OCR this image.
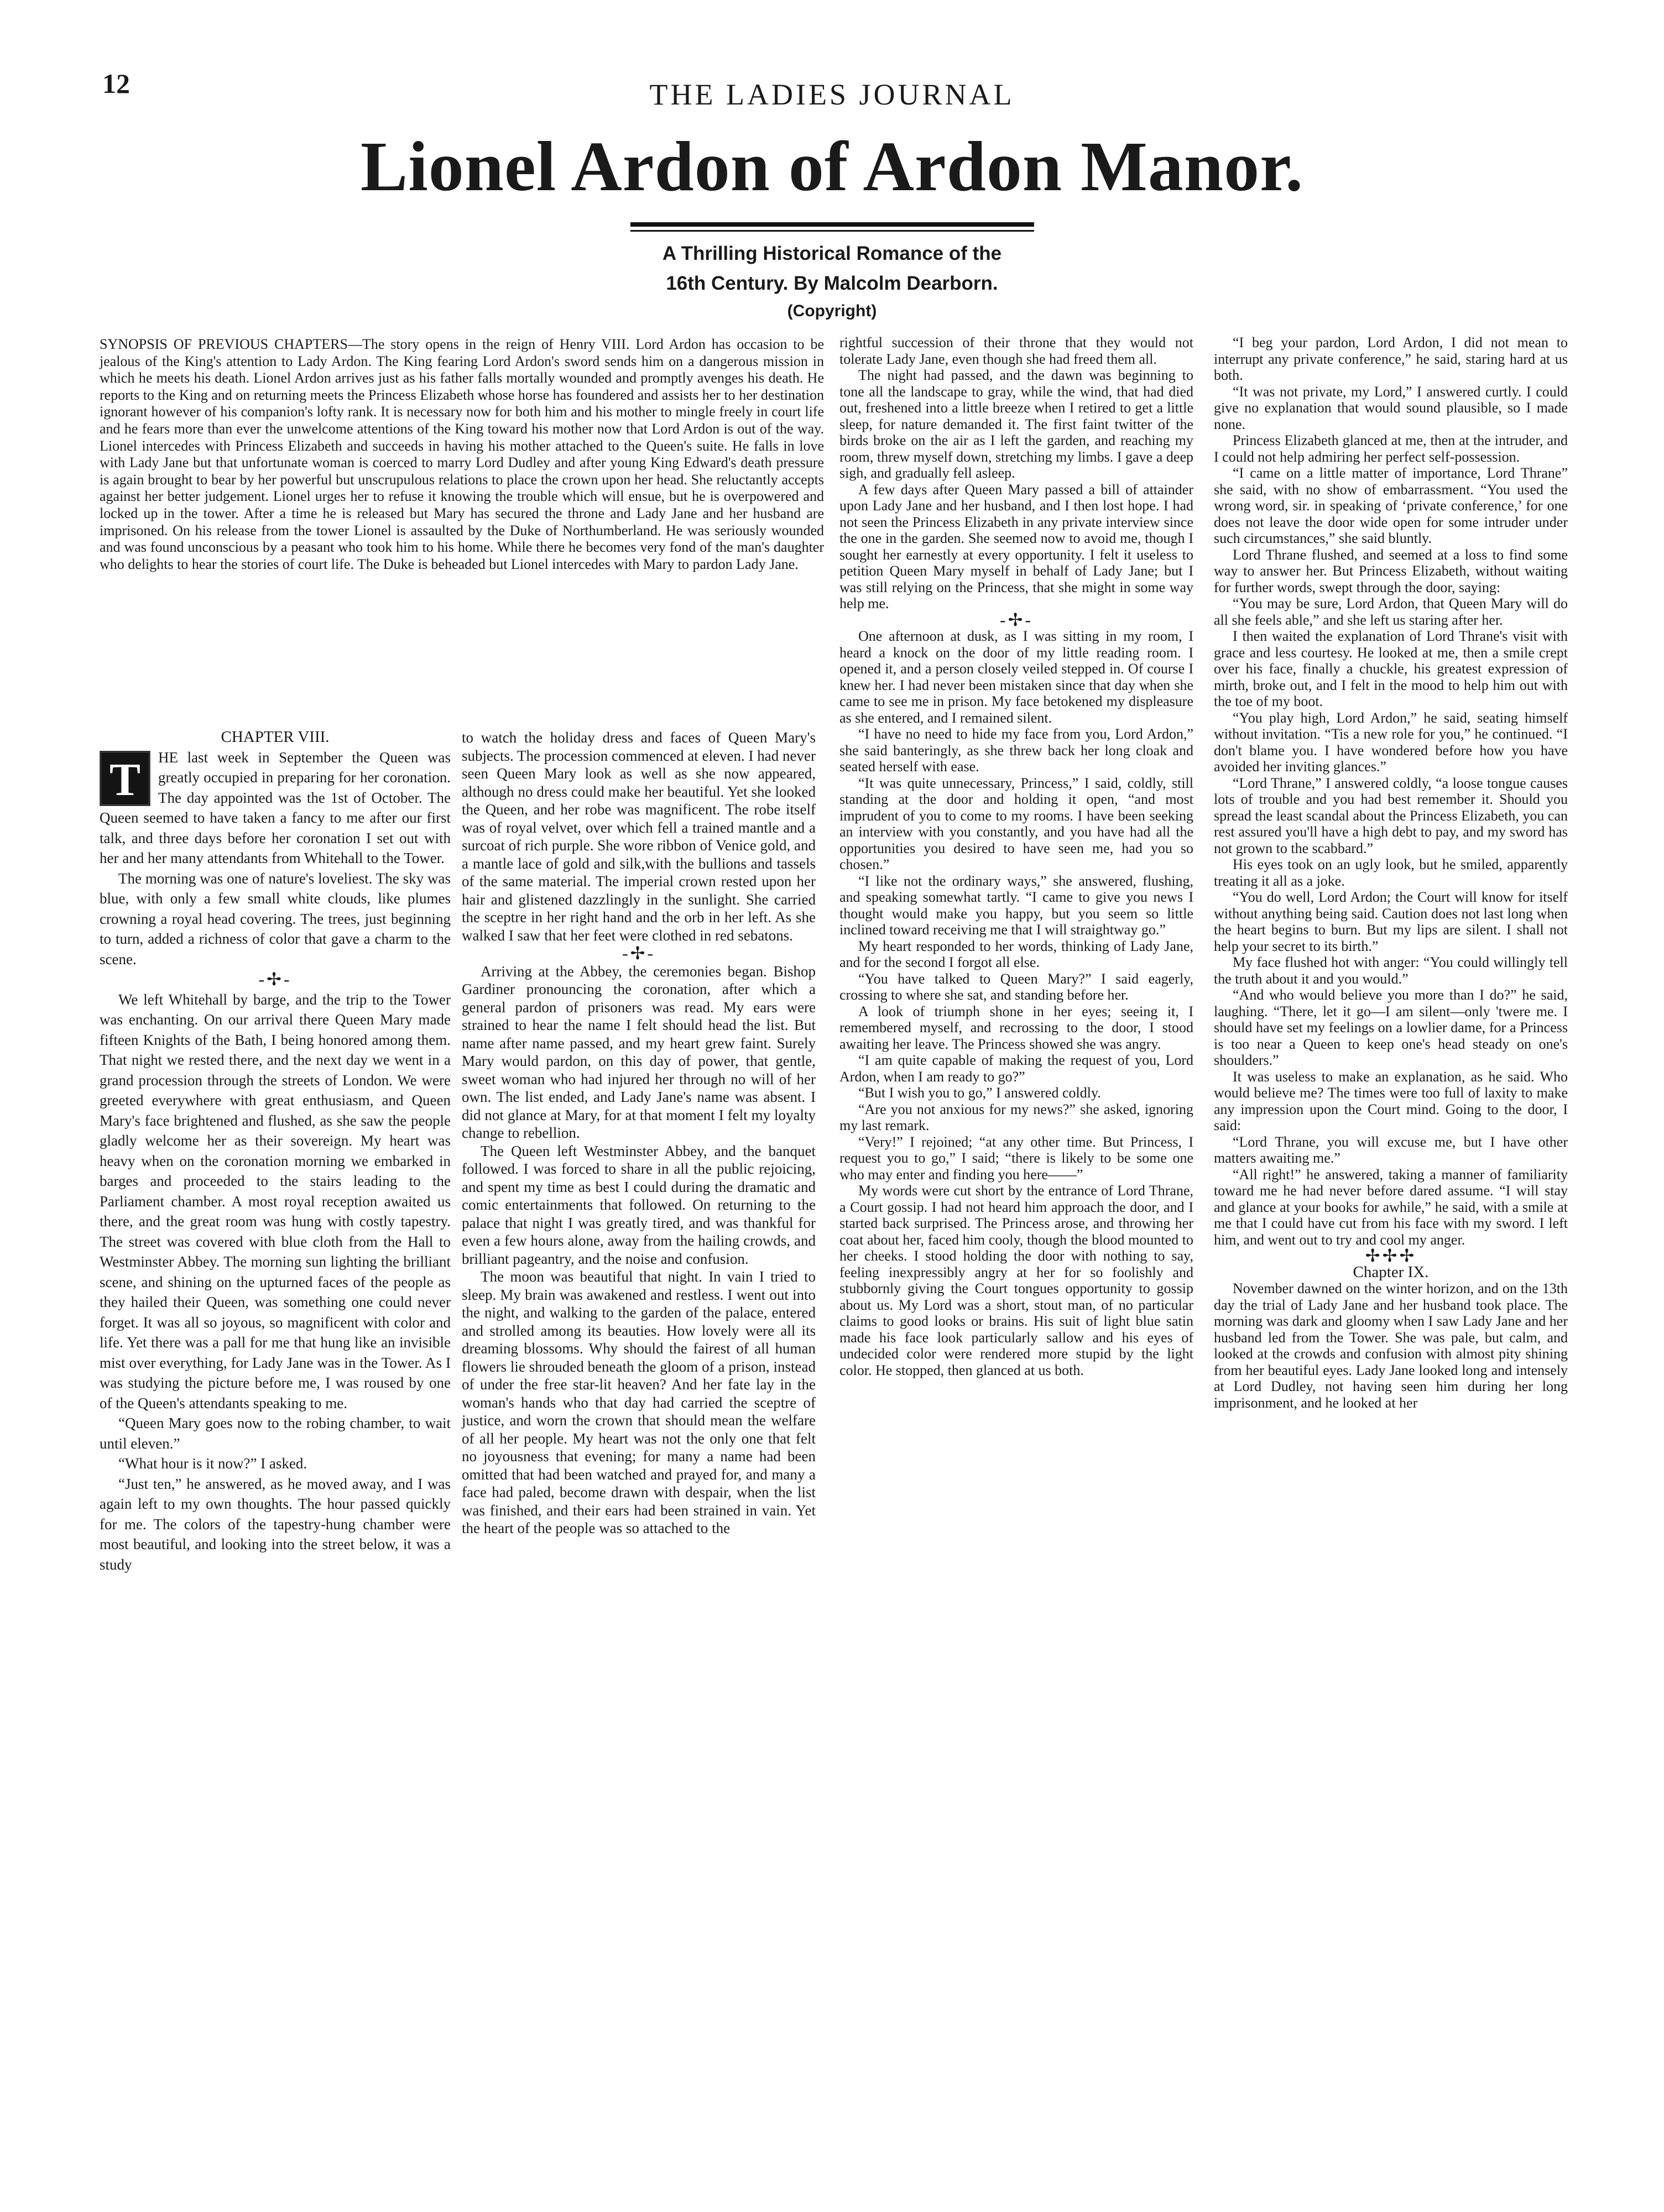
12	THE LADIES JOURNAL
Lionel Ardon of Ardon Manor.
A Thrilling Historical Romance of the
16th Century. By Malcolm Dearborn.
(Copyright)
SYNOPSIS OF PREVIOUS CHAPTERS—The story opens in the reign of Henry VIII. Lord Ardon has occasion to be jealous of the King's attention to Lady Ardon. The King fearing Lord Ardon's sword sends him on a dangerous mission in which he meets his death. Lionel Ardon arrives just as his father falls mortally wounded and promptly avenges his death. He reports to the King and on returning meets the Princess Elizabeth whose horse has foundered and assists her to her destination ignorant however of his companion's lofty rank. It is necessary now for both him and his mother to mingle freely in court life and he fears more than ever the unwelcome attentions of the King toward his mother now that Lord Ardon is out of the way. Lionel intercedes with Princess Elizabeth and succeeds in having his mother attached to the Queen's suite. He falls in love with Lady Jane but that unfortunate woman is coerced to marry Lord Dudley and after young King Edward's death pressure is again brought to bear by her powerful but unscrupulous relations to place the crown upon her head. She reluctantly accepts against her better judgement. Lionel urges her to refuse it knowing the trouble which will ensue, but he is overpowered and locked up in the tower. After a time he is released but Mary has secured the throne and Lady Jane and her husband are imprisoned. On his release from the tower Lionel is assaulted by the Duke of Northumberland. He was seriously wounded and was found unconscious by a peasant who took him to his home. While there he becomes very fond of the man's daughter who delights to hear the stories of court life. The Duke is beheaded but Lionel intercedes with Mary to pardon Lady Jane.

CHAPTER VIII.

T	HE last week in September the Queen was greatly occupied in preparing for her coronation. The day appointed was the 1st of October. The Queen seemed to have taken a fancy to me after our first talk, and three days before her coronation I set out with her and her many attendants from Whitehall to the Tower.

The morning was one of nature's loveliest. The sky was blue, with only a few small white clouds, like plumes crowning a royal head covering. The trees, just beginning to turn, added a richness of color that gave a charm to the scene.

-✢-

We left Whitehall by barge, and the trip to the Tower was enchanting. On our arrival there Queen Mary made fifteen Knights of the Bath, I being honored among them. That night we rested there, and the next day we went in a grand procession through the streets of London. We were greeted everywhere with great enthusiasm, and Queen Mary's face brightened and flushed, as she saw the people gladly welcome her as their sovereign. My heart was heavy when on the coronation morning we embarked in barges and proceeded to the stairs leading to the Parliament chamber. A most royal reception awaited us there, and the great room was hung with costly tapestry. The street was covered with blue cloth from the Hall to Westminster Abbey. The morning sun lighting the brilliant scene, and shining on the upturned faces of the people as they hailed their Queen, was something one could never forget. It was all so joyous, so magnificent with color and life. Yet there was a pall for me that hung like an invisible mist over everything, for Lady Jane was in the Tower. As I was studying the picture before me, I was roused by one of the Queen's attendants speaking to me.

“Queen Mary goes now to the robing chamber, to wait until eleven.”

“What hour is it now?” I asked.

“Just ten,” he answered, as he moved away, and I was again left to my own thoughts. The hour passed quickly for me. The colors of the tapestry-hung chamber were most beautiful, and looking into the street below, it was a study

to watch the holiday dress and faces of Queen Mary's subjects. The procession commenced at eleven. I had never seen Queen Mary look as well as she now appeared, although no dress could make her beautiful. Yet she looked the Queen, and her robe was magnificent. The robe itself was of royal velvet, over which fell a trained mantle and a surcoat of rich purple. She wore ribbon of Venice gold, and a mantle lace of gold and silk,with the bullions and tassels of the same material. The imperial crown rested upon her hair and glistened dazzlingly in the sunlight. She carried the sceptre in her right hand and the orb in her left. As she walked I saw that her feet were clothed in red sebatons.

-✢-

Arriving at the Abbey, the ceremonies began. Bishop Gardiner pronouncing the coronation, after which a general pardon of prisoners was read. My ears were strained to hear the name I felt should head the list. But name after name passed, and my heart grew faint. Surely Mary would pardon, on this day of power, that gentle, sweet woman who had injured her through no will of her own. The list ended, and Lady Jane's name was absent. I did not glance at Mary, for at that moment I felt my loyalty change to rebellion.

The Queen left Westminster Abbey, and the banquet followed. I was forced to share in all the public rejoicing, and spent my time as best I could during the dramatic and comic entertainments that followed. On returning to the palace that night I was greatly tired, and was thankful for even a few hours alone, away from the hailing crowds, and brilliant pageantry, and the noise and confusion.

The moon was beautiful that night. In vain I tried to sleep. My brain was awakened and restless. I went out into the night, and walking to the garden of the palace, entered and strolled among its beauties. How lovely were all its dreaming blossoms. Why should the fairest of all human flowers lie shrouded beneath the gloom of a prison, instead of under the free star-lit heaven? And her fate lay in the woman's hands who that day had carried the sceptre of justice, and worn the crown that should mean the welfare of all her people. My heart was not the only one that felt no joyousness that evening; for many a name had been omitted that had been watched and prayed for, and many a face had paled, become drawn with despair, when the list was finished, and their ears had been strained in vain. Yet the heart of the people was so attached to the

rightful succession of their throne that they would not tolerate Lady Jane, even though she had freed them all.

The night had passed, and the dawn was beginning to tone all the landscape to gray, while the wind, that had died out, freshened into a little breeze when I retired to get a little sleep, for nature demanded it. The first faint twitter of the birds broke on the air as I left the garden, and reaching my room, threw myself down, stretching my limbs. I gave a deep sigh, and gradually fell asleep.

A few days after Queen Mary passed a bill of attainder upon Lady Jane and her husband, and I then lost hope. I had not seen the Princess Elizabeth in any private interview since the one in the garden. She seemed now to avoid me, though I sought her earnestly at every opportunity. I felt it useless to petition Queen Mary myself in behalf of Lady Jane; but I was still relying on the Princess, that she might in some way help me.

-✢-

One afternoon at dusk, as I was sitting in my room, I heard a knock on the door of my little reading room. I opened it, and a person closely veiled stepped in. Of course I knew her. I had never been mistaken since that day when she came to see me in prison. My face betokened my displeasure as she entered, and I remained silent.

“I have no need to hide my face from you, Lord Ardon,” she said banteringly, as she threw back her long cloak and seated herself with ease.

“It was quite unnecessary, Princess,” I said, coldly, still standing at the door and holding it open, “and most imprudent of you to come to my rooms. I have been seeking an interview with you constantly, and you have had all the opportunities you desired to have seen me, had you so chosen.”

“I like not the ordinary ways,” she answered, flushing, and speaking somewhat tartly. “I came to give you news I thought would make you happy, but you seem so little inclined toward receiving me that I will straightway go.”

My heart responded to her words, thinking of Lady Jane, and for the second I forgot all else.

“You have talked to Queen Mary?” I said eagerly, crossing to where she sat, and standing before her.

A look of triumph shone in her eyes; seeing it, I remembered myself, and recrossing to the door, I stood awaiting her leave. The Princess showed she was angry.

“I am quite capable of making the request of you, Lord Ardon, when I am ready to go?”

“But I wish you to go,” I answered coldly.

“Are you not anxious for my news?” she asked, ignoring my last remark.

“Very!” I rejoined; “at any other time. But Princess, I request you to go,” I said; “there is likely to be some one who may enter and finding you here——”

My words were cut short by the entrance of Lord Thrane, a Court gossip. I had not heard him approach the door, and I started back surprised. The Princess arose, and throwing her coat about her, faced him cooly, though the blood mounted to her cheeks. I stood holding the door with nothing to say, feeling inexpressibly angry at her for so foolishly and stubbornly giving the Court tongues opportunity to gossip about us. My Lord was a short, stout man, of no particular claims to good looks or brains. His suit of light blue satin made his face look particularly sallow and his eyes of undecided color were rendered more stupid by the light color. He stopped, then glanced at us both.

“I beg your pardon, Lord Ardon, I did not mean to interrupt any private conference,” he said, staring hard at us both.

“It was not private, my Lord,” I answered curtly. I could give no explanation that would sound plausible, so I made none.

Princess Elizabeth glanced at me, then at the intruder, and I could not help admiring her perfect self-possession.

“I came on a little matter of importance, Lord Thrane” she said, with no show of embarrassment. “You used the wrong word, sir. in speaking of ‘private conference,’ for one does not leave the door wide open for some intruder under such circumstances,” she said bluntly.

Lord Thrane flushed, and seemed at a loss to find some way to answer her. But Princess Elizabeth, without waiting for further words, swept through the door, saying:

“You may be sure, Lord Ardon, that Queen Mary will do all she feels able,” and she left us staring after her.

I then waited the explanation of Lord Thrane's visit with grace and less courtesy. He looked at me, then a smile crept over his face, finally a chuckle, his greatest expression of mirth, broke out, and I felt in the mood to help him out with the toe of my boot.

“You play high, Lord Ardon,” he said, seating himself without invitation. “Tis a new role for you,” he continued. “I don't blame you. I have wondered before how you have avoided her inviting glances.”

“Lord Thrane,” I answered coldly, “a loose tongue causes lots of trouble and you had best remember it. Should you spread the least scandal about the Princess Elizabeth, you can rest assured you'll have a high debt to pay, and my sword has not grown to the scabbard.”

His eyes took on an ugly look, but he smiled, apparently treating it all as a joke.

“You do well, Lord Ardon; the Court will know for itself without anything being said. Caution does not last long when the heart begins to burn. But my lips are silent. I shall not help your secret to its birth.”

My face flushed hot with anger: “You could willingly tell the truth about it and you would.”

“And who would believe you more than I do?” he said, laughing. “There, let it go—I am silent—only 'twere me. I should have set my feelings on a lowlier dame, for a Princess is too near a Queen to keep one's head steady on one's shoulders.”

It was useless to make an explanation, as he said. Who would believe me? The times were too full of laxity to make any impression upon the Court mind. Going to the door, I said:

“Lord Thrane, you will excuse me, but I have other matters awaiting me.”

“All right!” he answered, taking a manner of familiarity toward me he had never before dared assume. “I will stay and glance at your books for awhile,” he said, with a smile at me that I could have cut from his face with my sword. I left him, and went out to try and cool my anger.

✢✢✢

Chapter IX.

November dawned on the winter horizon, and on the 13th day the trial of Lady Jane and her husband took place. The morning was dark and gloomy when I saw Lady Jane and her husband led from the Tower. She was pale, but calm, and looked at the crowds and confusion with almost pity shining from her beautiful eyes. Lady Jane looked long and intensely at Lord Dudley, not having seen him during her long imprisonment, and he looked at her
